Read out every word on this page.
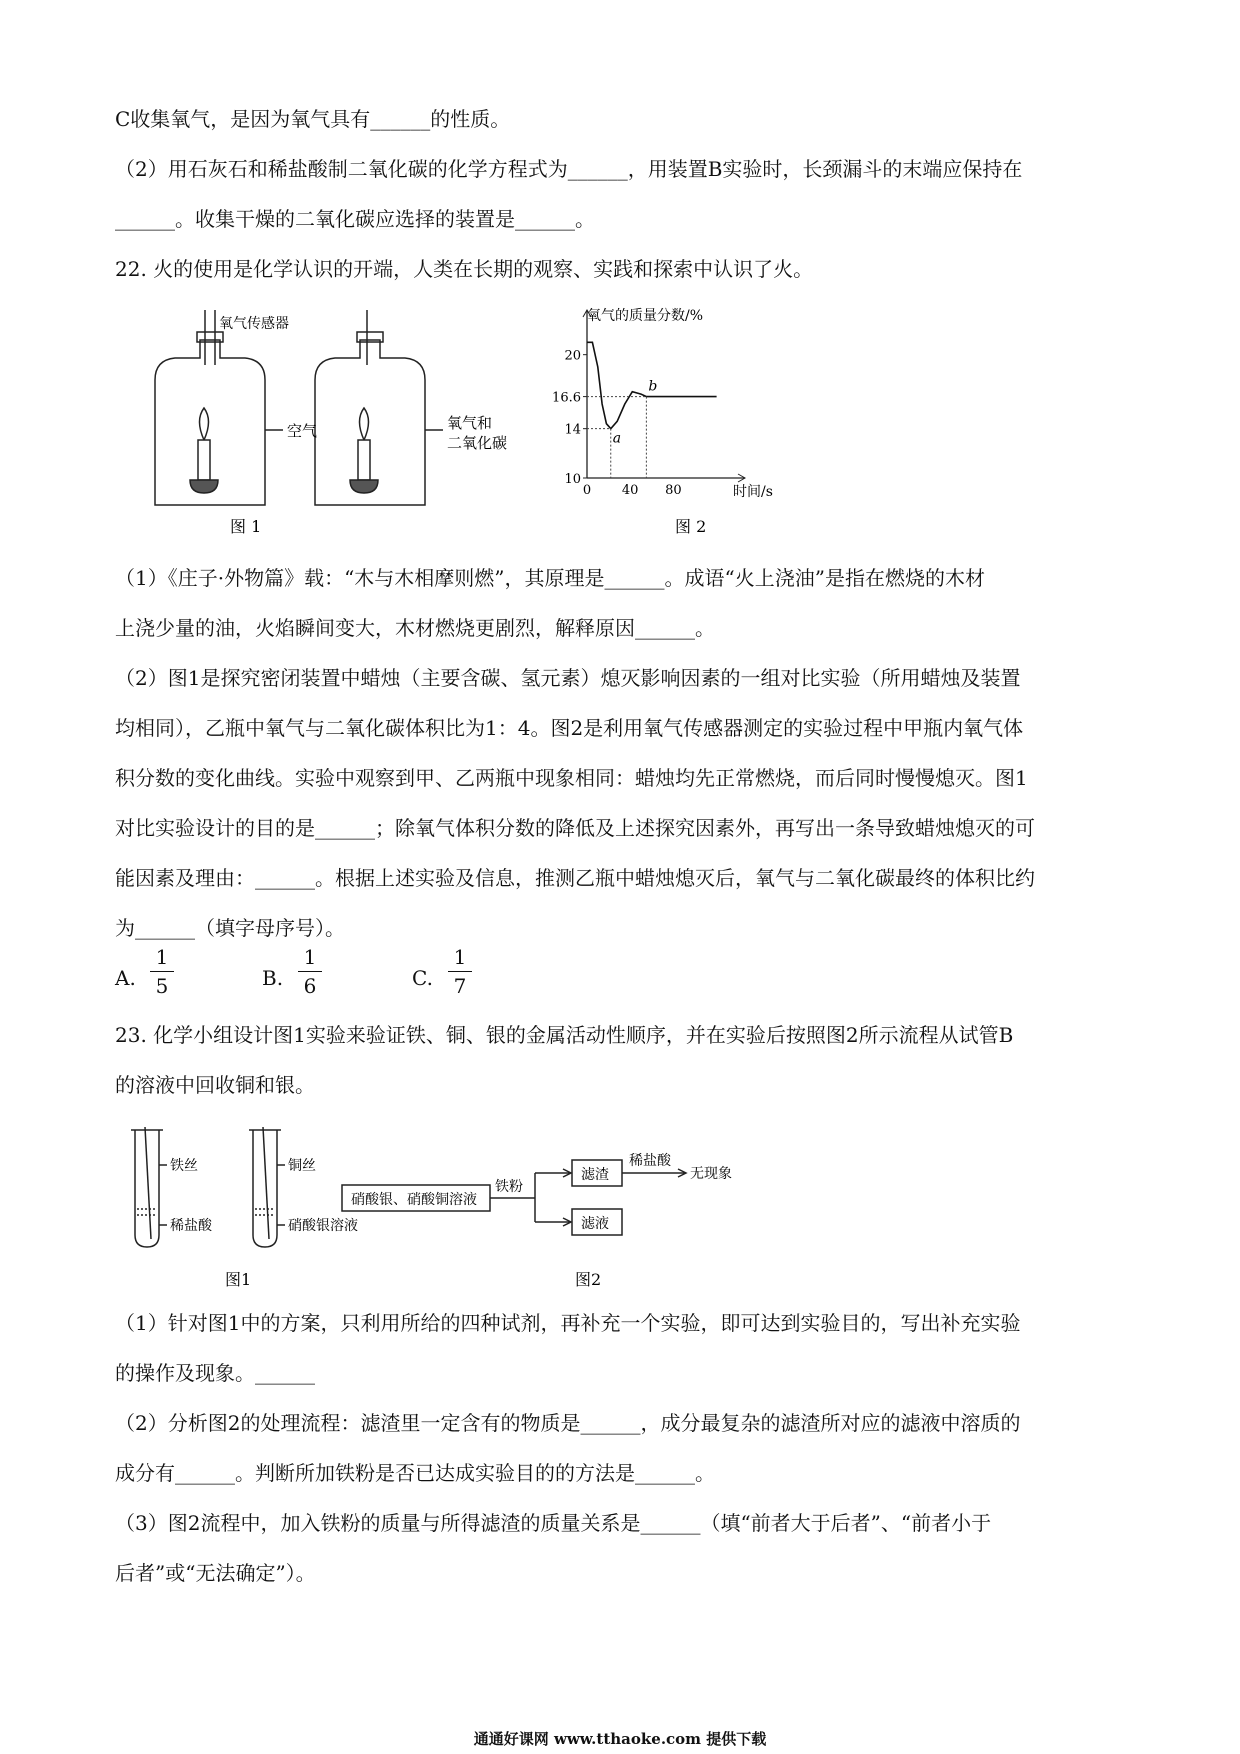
C收集氧气，是因为氧气具有______的性质。
（2）用石灰石和稀盐酸制二氧化碳的化学方程式为______，用装置B实验时，长颈漏斗的末端应保持在
______。收集干燥的二氧化碳应选择的装置是______。
22. 火的使用是化学认识的开端，人类在长期的观察、实践和探索中认识了火。
氧气传感器
空气	氧气和
二氧化碳
图 1
10
14
16.6
20
0 40 80
a
b
氧气的质量分数/%
时间/s
图 2
（1）《庄子·外物篇》载：“木与木相摩则燃”，其原理是______。成语“火上浇油”是指在燃烧的木材
上浇少量的油，火焰瞬间变大，木材燃烧更剧烈，解释原因______。
（2）图1是探究密闭装置中蜡烛（主要含碳、氢元素）熄灭影响因素的一组对比实验（所用蜡烛及装置
均相同），乙瓶中氧气与二氧化碳体积比为1：4。图2是利用氧气传感器测定的实验过程中甲瓶内氧气体
积分数的变化曲线。实验中观察到甲、乙两瓶中现象相同：蜡烛均先正常燃烧，而后同时慢慢熄灭。图1
对比实验设计的目的是______；除氧气体积分数的降低及上述探究因素外，再写出一条导致蜡烛熄灭的可
能因素及理由：______。根据上述实验及信息，推测乙瓶中蜡烛熄灭后，氧气与二氧化碳最终的体积比约
为______（填字母序号）。
A.
1
5	B.
1
6	C.
1
7
23. 化学小组设计图1实验来验证铁、铜、银的金属活动性顺序，并在实验后按照图2所示流程从试管B
的溶液中回收铜和银。
铁丝
稀盐酸
铜丝
硝酸银溶液
硝酸银、硝酸铜溶液
铁粉
滤渣
滤液
稀盐酸
无现象
图1	图2
（1）针对图1中的方案，只利用所给的四种试剂，再补充一个实验，即可达到实验目的，写出补充实验
的操作及现象。______
（2）分析图2的处理流程：滤渣里一定含有的物质是______，成分最复杂的滤渣所对应的滤液中溶质的
成分有______。判断所加铁粉是否已达成实验目的的方法是______。
（3）图2流程中，加入铁粉的质量与所得滤渣的质量关系是______（填“前者大于后者”、“前者小于
后者”或“无法确定”）。
通通好课网 www.tthaoke.com 提供下载
